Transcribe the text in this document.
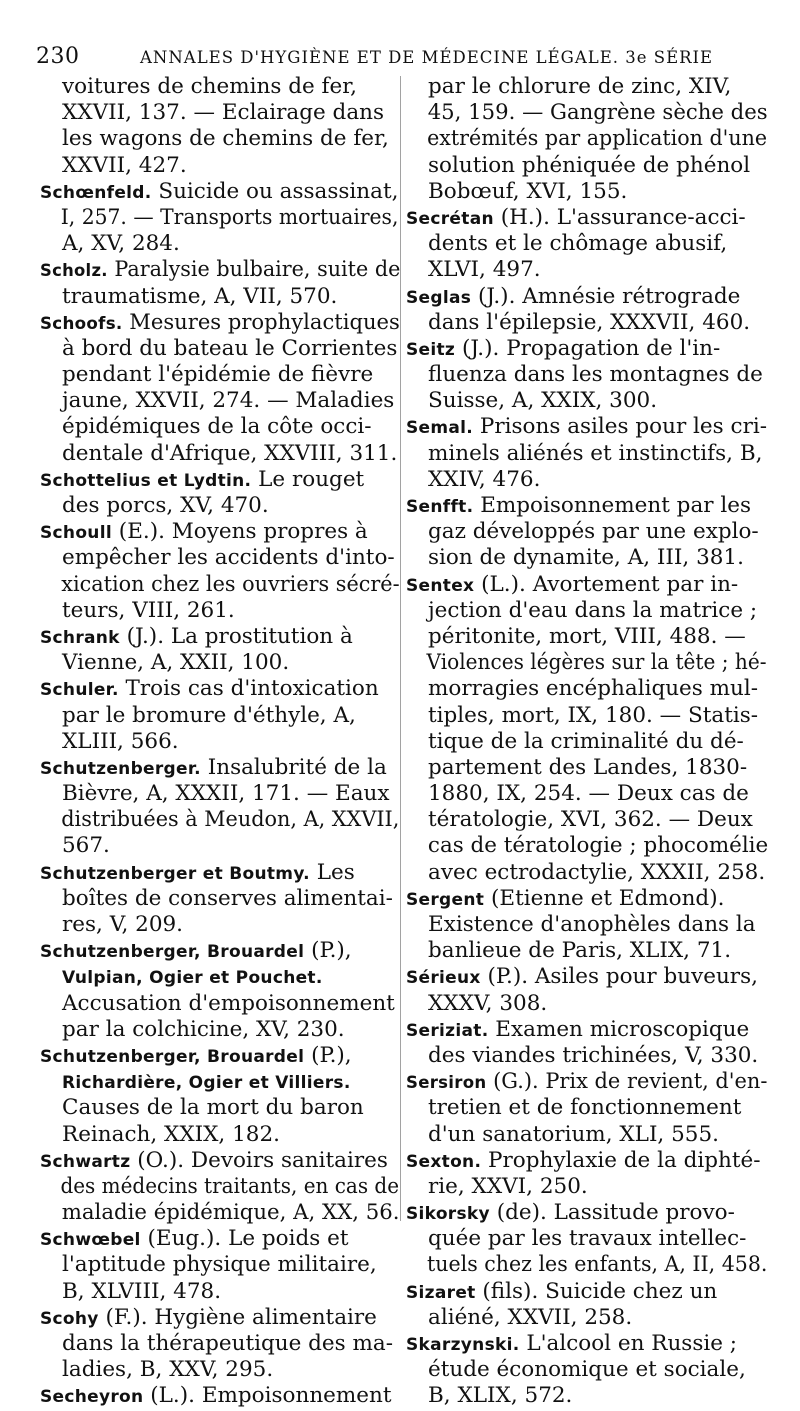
230	ANNALES D'HYGIÈNE ET DE MÉDECINE LÉGALE. 3e SÉRIE
voitures de chemins de fer,
XXVII, 137. — Eclairage dans
les wagons de chemins de fer,
XXVII, 427.
Schœnfeld. Suicide ou assassinat,
I, 257. — Transports mortuaires,
A, XV, 284.
Scholz. Paralysie bulbaire, suite de
traumatisme, A, VII, 570.
Schoofs. Mesures prophylactiques
à bord du bateau le Corrientes
pendant l'épidémie de fièvre
jaune, XXVII, 274. — Maladies
épidémiques de la côte occi-
dentale d'Afrique, XXVIII, 311.
Schottelius et Lydtin. Le rouget
des porcs, XV, 470.
Schoull (E.). Moyens propres à
empêcher les accidents d'into-
xication chez les ouvriers sécré-
teurs, VIII, 261.
Schrank (J.). La prostitution à
Vienne, A, XXII, 100.
Schuler. Trois cas d'intoxication
par le bromure d'éthyle, A,
XLIII, 566.
Schutzenberger. Insalubrité de la
Bièvre, A, XXXII, 171. — Eaux
distribuées à Meudon, A, XXVII,
567.
Schutzenberger et Boutmy. Les
boîtes de conserves alimentai-
res, V, 209.
Schutzenberger, Brouardel (P.),
Vulpian, Ogier et Pouchet.
Accusation d'empoisonnement
par la colchicine, XV, 230.
Schutzenberger, Brouardel (P.),
Richardière, Ogier et Villiers.
Causes de la mort du baron
Reinach, XXIX, 182.
Schwartz (O.). Devoirs sanitaires
des médecins traitants, en cas de
maladie épidémique, A, XX, 56.
Schwœbel (Eug.). Le poids et
l'aptitude physique militaire,
B, XLVIII, 478.
Scohy (F.). Hygiène alimentaire
dans la thérapeutique des ma-
ladies, B, XXV, 295.
Secheyron (L.). Empoisonnement
par le chlorure de zinc, XIV,
45, 159. — Gangrène sèche des
extrémités par application d'une
solution phéniquée de phénol
Bobœuf, XVI, 155.
Secrétan (H.). L'assurance-acci-
dents et le chômage abusif,
XLVI, 497.
Seglas (J.). Amnésie rétrograde
dans l'épilepsie, XXXVII, 460.
Seitz (J.). Propagation de l'in-
fluenza dans les montagnes de
Suisse, A, XXIX, 300.
Semal. Prisons asiles pour les cri-
minels aliénés et instinctifs, B,
XXIV, 476.
Senfft. Empoisonnement par les
gaz développés par une explo-
sion de dynamite, A, III, 381.
Sentex (L.). Avortement par in-
jection d'eau dans la matrice ;
péritonite, mort, VIII, 488. —
Violences légères sur la tête ; hé-
morragies encéphaliques mul-
tiples, mort, IX, 180. — Statis-
tique de la criminalité du dé-
partement des Landes, 1830-
1880, IX, 254. — Deux cas de
tératologie, XVI, 362. — Deux
cas de tératologie ; phocomélie
avec ectrodactylie, XXXII, 258.
Sergent (Etienne et Edmond).
Existence d'anophèles dans la
banlieue de Paris, XLIX, 71.
Sérieux (P.). Asiles pour buveurs,
XXXV, 308.
Seriziat. Examen microscopique
des viandes trichinées, V, 330.
Sersiron (G.). Prix de revient, d'en-
tretien et de fonctionnement
d'un sanatorium, XLI, 555.
Sexton. Prophylaxie de la diphté-
rie, XXVI, 250.
Sikorsky (de). Lassitude provo-
quée par les travaux intellec-
tuels chez les enfants, A, II, 458.
Sizaret (fils). Suicide chez un
aliéné, XXVII, 258.
Skarzynski. L'alcool en Russie ;
étude économique et sociale,
B, XLIX, 572.
